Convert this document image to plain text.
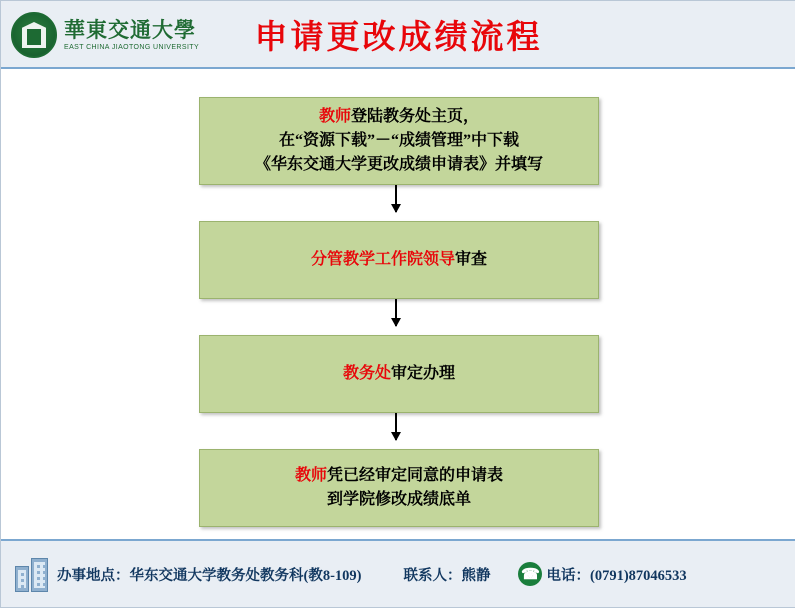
華東交通大學
EAST CHINA JIAOTONG UNIVERSITY	申请更改成绩流程
教师登陆教务处主页，
在“资源下载”－“成绩管理”中下载
《华东交通大学更改成绩申请表》并填写
分管教学工作院领导审查
教务处审定办理
教师凭已经审定同意的申请表
到学院修改成绩底单
办事地点：华东交通大学教务处教务科(教8-109)	联系人：熊静 ☎	电话：(0791)87046533
